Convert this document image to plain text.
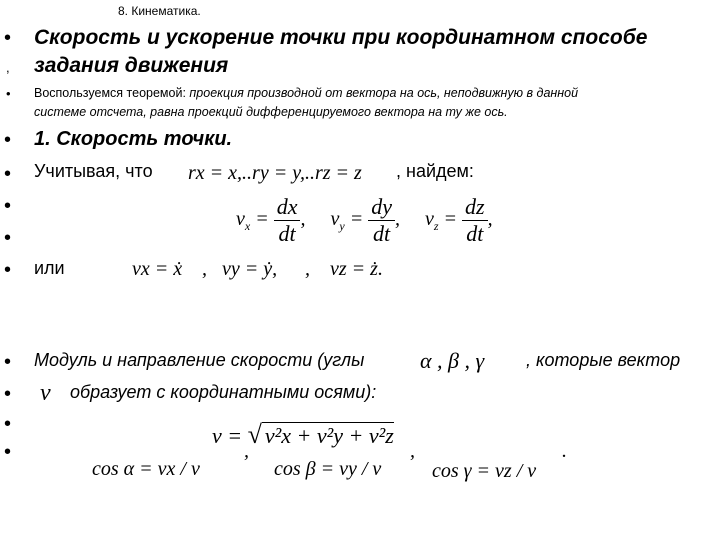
8. Кинематика.
•
,
•
•
•
•
•
•
•
•
•
•
Скорость и ускорение точки при координатном способе
задания движения
Воспользуемся теоремой: проекция производной от вектора на ось, неподвижную в данной
системе отсчета, равна проекций дифференцируемого вектора на ту же ось.
1. Скорость точки.
Учитывая, что rx = x,..ry = y,..rz = z , найдем:
$v_x = \frac{dx}{dt}$ , $v_y = \frac{dy}{dt}$ , $v_z = \frac{dz}{dt}$ ,
или	vx = ẋ , vy = ẏ, , vz = ż.
Модуль и направление скорости (углы	α , β , γ , которые вектор
v образует с координатными осями):
v = √ v²x + v²y + v²z
,
cos α = vx / v	cos β = vy / v
,
cos γ = vz / v
.
